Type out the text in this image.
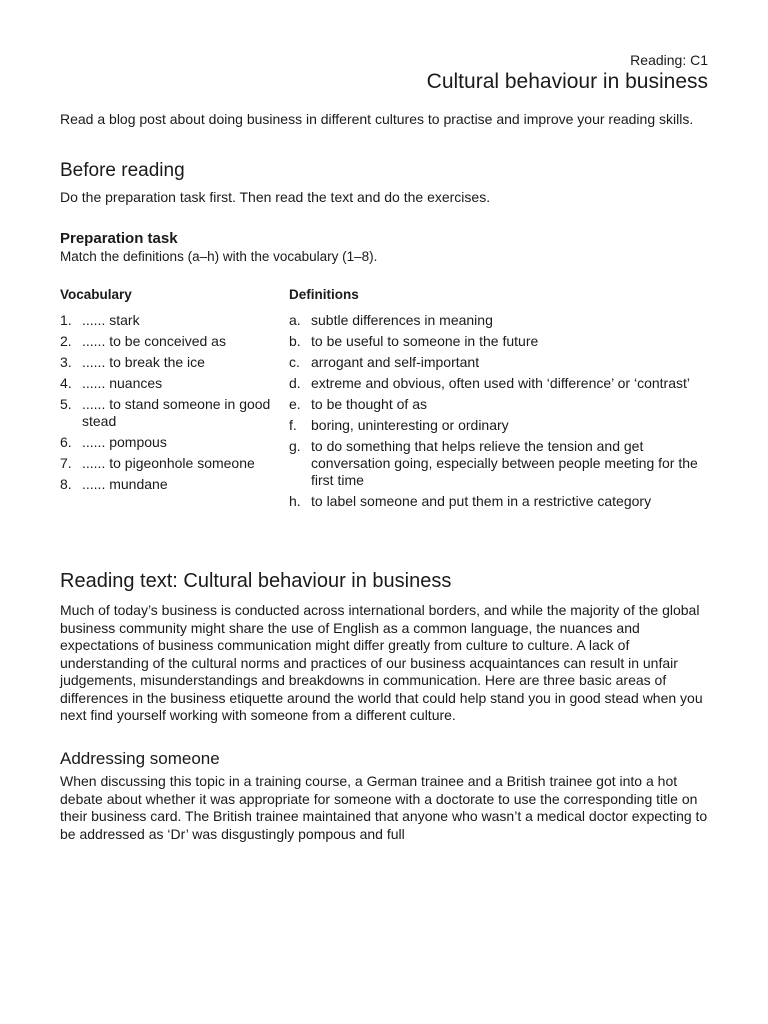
Reading: C1
Cultural behaviour in business
Read a blog post about doing business in different cultures to practise and improve your reading skills.
Before reading
Do the preparation task first. Then read the text and do the exercises.
Preparation task
Match the definitions (a–h) with the vocabulary (1–8).
Vocabulary	Definitions
1. ...... stark
2. ...... to be conceived as
3. ...... to break the ice
4. ...... nuances
5. ...... to stand someone in good stead
6. ...... pompous
7. ...... to pigeonhole someone
8. ...... mundane
a. subtle differences in meaning
b. to be useful to someone in the future
c. arrogant and self-important
d. extreme and obvious, often used with ‘difference’ or ‘contrast’
e. to be thought of as
f.	boring, uninteresting or ordinary
g. to do something that helps relieve the tension and get conversation going, especially between people meeting for the first time
h. to label someone and put them in a restrictive category
Reading text: Cultural behaviour in business
Much of today’s business is conducted across international borders, and while the majority of the global business community might share the use of English as a common language, the nuances and expectations of business communication might differ greatly from culture to culture. A lack of understanding of the cultural norms and practices of our business acquaintances can result in unfair judgements, misunderstandings and breakdowns in communication. Here are three basic areas of differences in the business etiquette around the world that could help stand you in good stead when you next find yourself working with someone from a different culture.
Addressing someone
When discussing this topic in a training course, a German trainee and a British trainee got into a hot debate about whether it was appropriate for someone with a doctorate to use the corresponding title on their business card. The British trainee maintained that anyone who wasn’t a medical doctor expecting to be addressed as ‘Dr’ was disgustingly pompous and full
